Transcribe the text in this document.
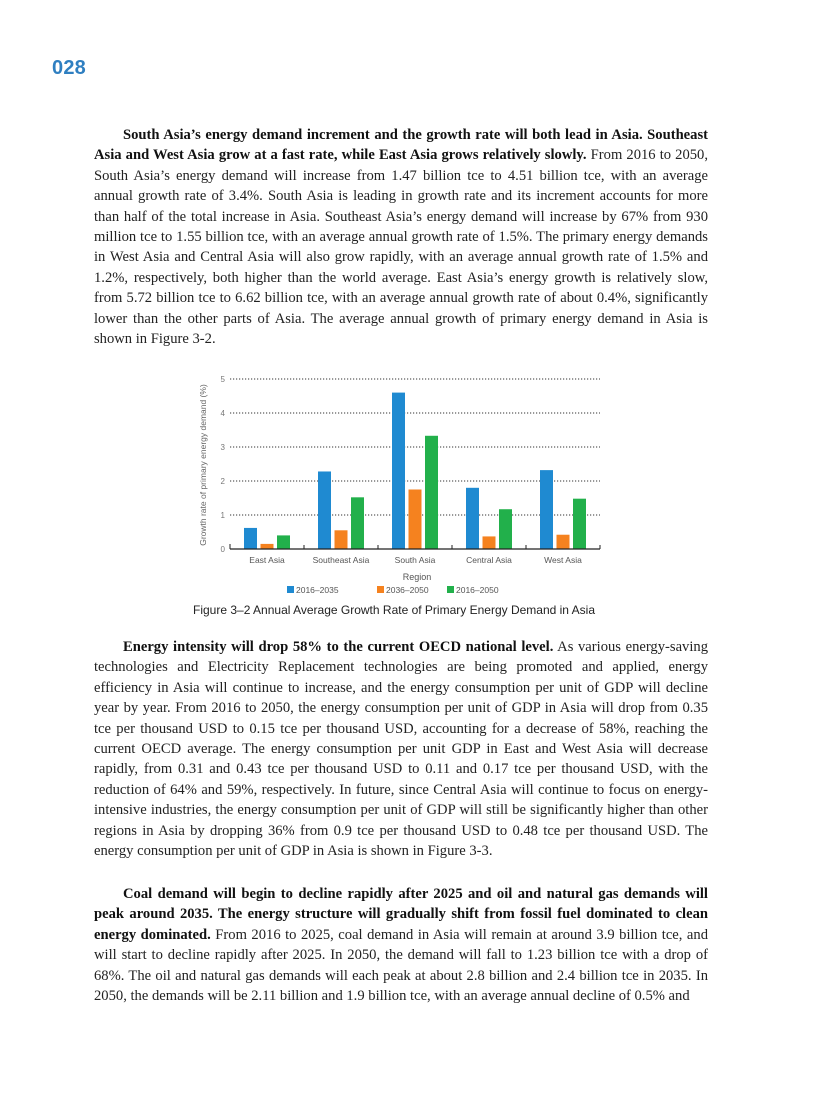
028

South Asia’s energy demand increment and the growth rate will both lead in Asia. Southeast Asia and West Asia grow at a fast rate, while East Asia grows relatively slowly. From 2016 to 2050, South Asia’s energy demand will increase from 1.47 billion tce to 4.51 billion tce, with an average annual growth rate of 3.4%. South Asia is leading in growth rate and its increment accounts for more than half of the total increase in Asia. Southeast Asia’s energy demand will increase by 67% from 930 million tce to 1.55 billion tce, with an average annual growth rate of 1.5%. The primary energy demands in West Asia and Central Asia will also grow rapidly, with an average annual growth rate of 1.5% and 1.2%, respectively, both higher than the world average. East Asia’s energy growth is relatively slow, from 5.72 billion tce to 6.62 billion tce, with an average annual growth rate of about 0.4%, significantly lower than the other parts of Asia. The average annual growth of primary energy demand in Asia is shown in Figure 3-2.

0
1
2
3
4
5
East Asia	Southeast Asia	South Asia	Central Asia	West Asia
Growth rate of primary energy demand (%)
Region
2016–2035	2036–2050	2016–2050
Figure 3–2 Annual Average Growth Rate of Primary Energy Demand in Asia

Energy intensity will drop 58% to the current OECD national level. As various energy-saving technologies and Electricity Replacement technologies are being promoted and applied, energy efficiency in Asia will continue to increase, and the energy consumption per unit of GDP will decline year by year. From 2016 to 2050, the energy consumption per unit of GDP in Asia will drop from 0.35 tce per thousand USD to 0.15 tce per thousand USD, accounting for a decrease of 58%, reaching the current OECD average. The energy consumption per unit GDP in East and West Asia will decrease rapidly, from 0.31 and 0.43 tce per thousand USD to 0.11 and 0.17 tce per thousand USD, with the reduction of 64% and 59%, respectively. In future, since Central Asia will continue to focus on energy-intensive industries, the energy consumption per unit of GDP will still be significantly higher than other regions in Asia by dropping 36% from 0.9 tce per thousand USD to 0.48 tce per thousand USD. The energy consumption per unit of GDP in Asia is shown in Figure 3-3.

Coal demand will begin to decline rapidly after 2025 and oil and natural gas demands will peak around 2035. The energy structure will gradually shift from fossil fuel dominated to clean energy dominated. From 2016 to 2025, coal demand in Asia will remain at around 3.9 billion tce, and will start to decline rapidly after 2025. In 2050, the demand will fall to 1.23 billion tce with a drop of 68%. The oil and natural gas demands will each peak at about 2.8 billion and 2.4 billion tce in 2035. In 2050, the demands will be 2.11 billion and 1.9 billion tce, with an average annual decline of 0.5% and
